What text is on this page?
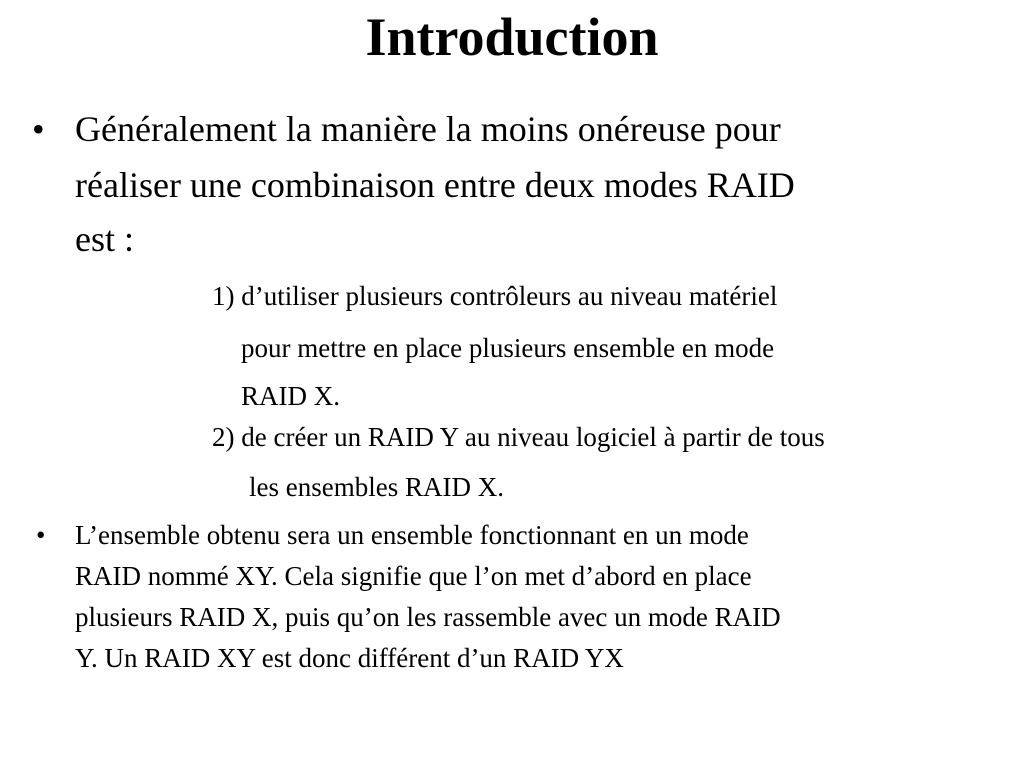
Introduction
• Généralement la manière la moins onéreuse pour
réaliser une combinaison entre deux modes RAID
est :
1) d’utiliser plusieurs contrôleurs au niveau matériel
pour mettre en place plusieurs ensemble en mode
RAID X.
2) de créer un RAID Y au niveau logiciel à partir de tous
les ensembles RAID X.
• L’ensemble obtenu sera un ensemble fonctionnant en un mode
RAID nommé XY. Cela signifie que l’on met d’abord en place
plusieurs RAID X, puis qu’on les rassemble avec un mode RAID
Y. Un RAID XY est donc différent d’un RAID YX
